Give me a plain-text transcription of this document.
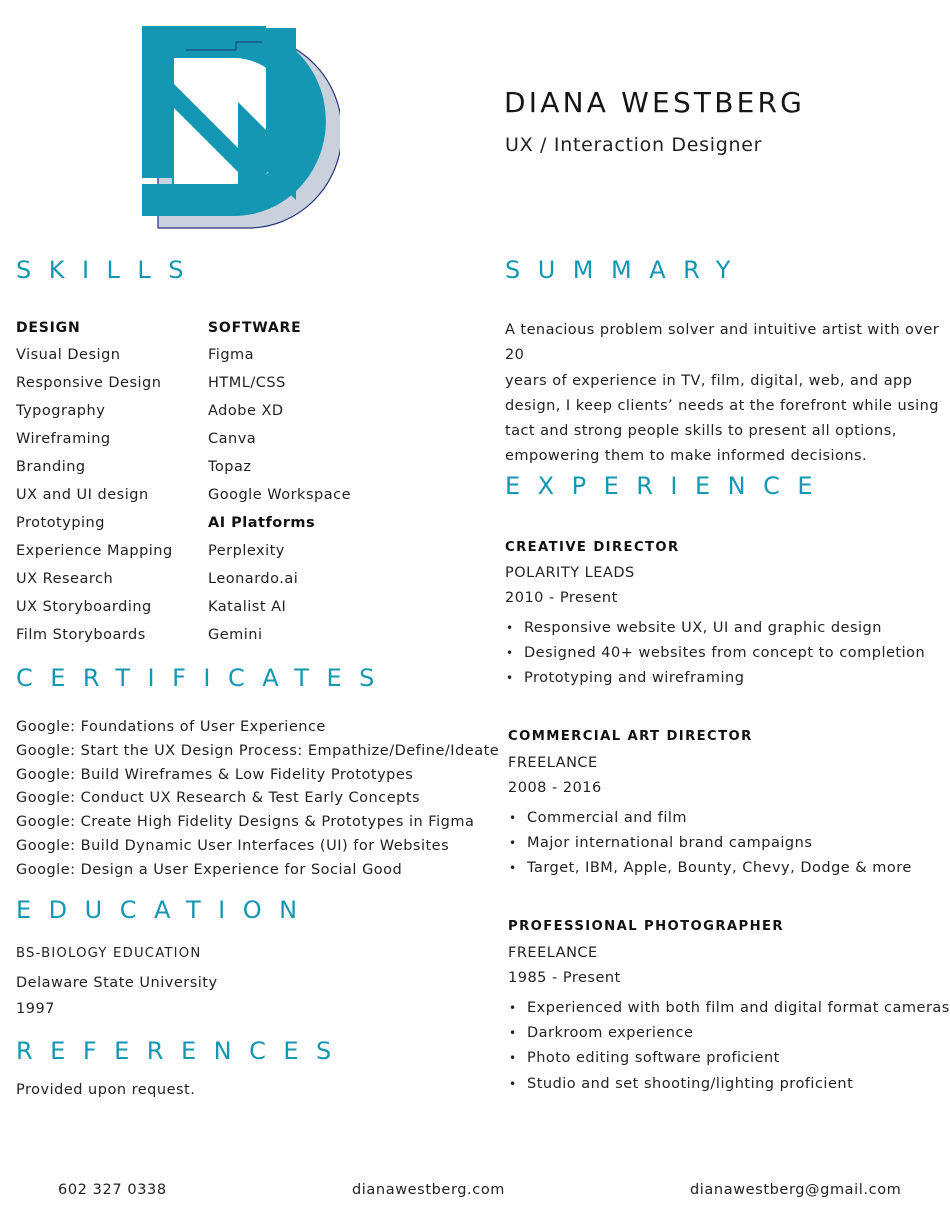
DIANA WESTBERG
UX / Interaction Designer
SKILLS
DESIGN
Visual Design
Responsive Design
Typography
Wireframing
Branding
UX and UI design
Prototyping
Experience Mapping
UX Research
UX Storyboarding
Film Storyboards
SOFTWARE
Figma
HTML/CSS
Adobe XD
Canva
Topaz
Google Workspace
AI Platforms
Perplexity
Leonardo.ai
Katalist AI
Gemini
CERTIFICATES
Google: Foundations of User Experience
Google: Start the UX Design Process: Empathize/Define/Ideate
Google: Build Wireframes & Low Fidelity Prototypes
Google: Conduct UX Research & Test Early Concepts
Google: Create High Fidelity Designs & Prototypes in Figma
Google: Build Dynamic User Interfaces (UI) for Websites
Google: Design a User Experience for Social Good
EDUCATION
BS-BIOLOGY EDUCATION
Delaware State University
1997
REFERENCES
Provided upon request.
SUMMARY
A tenacious problem solver and intuitive artist with over 20
years of experience in TV, film, digital, web, and app
design, I keep clients’ needs at the forefront while using
tact and strong people skills to present all options,
empowering them to make informed decisions.
EXPERIENCE
CREATIVE DIRECTOR
POLARITY LEADS
2010 - Present
• Responsive website UX, UI and graphic design
• Designed 40+ websites from concept to completion
• Prototyping and wireframing
COMMERCIAL ART DIRECTOR
FREELANCE
2008 - 2016
• Commercial and film
• Major international brand campaigns
• Target, IBM, Apple, Bounty, Chevy, Dodge & more
PROFESSIONAL PHOTOGRAPHER
FREELANCE
1985 - Present
• Experienced with both film and digital format cameras
• Darkroom experience
• Photo editing software proficient
• Studio and set shooting/lighting proficient
602 327 0338	dianawestberg.com	dianawestberg@gmail.com
